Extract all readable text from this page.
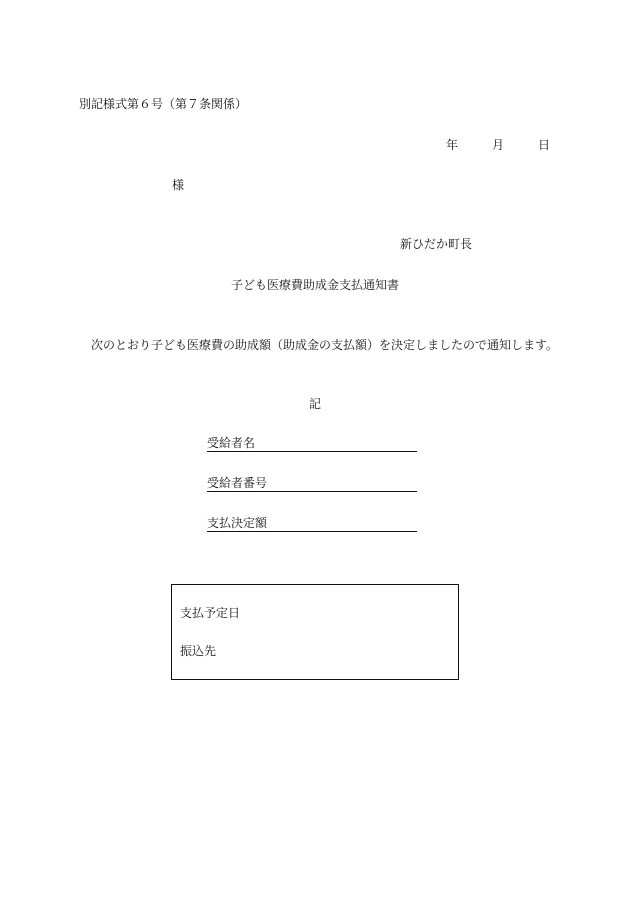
別記様式第６号（第７条関係）
年	月	日
様
新ひだか町長
子ども医療費助成金支払通知書
次のとおり子ども医療費の助成額（助成金の支払額）を決定しましたので通知します。
記
受給者名
受給者番号
支払決定額
支払予定日
振込先
